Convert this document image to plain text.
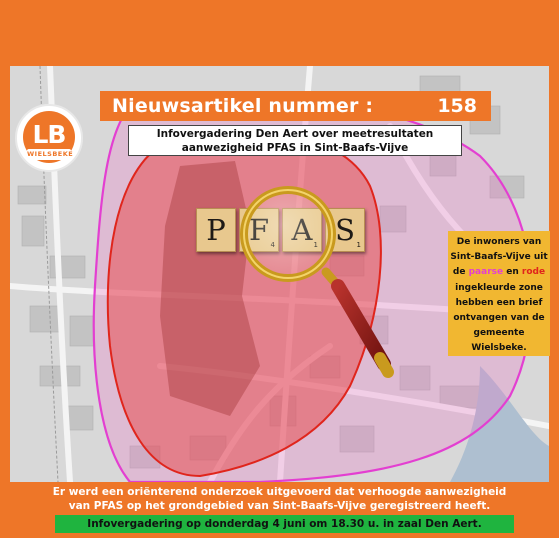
LB
WIELSBEKE
Nieuwsartikel nummer :	158
Infovergadering Den Aert over meetresultaten
aanwezigheid PFAS in Sint-Baafs-Vijve
P	S 1	De inwoners van Sint-Baafs-Vijve uit de paarse en rode ingekleurde zone hebben een brief ontvangen van de gemeente Wielsbeke.
Er werd een oriënterend onderzoek uitgevoerd dat verhoogde aanwezigheid
van PFAS op het grondgebied van Sint-Baafs-Vijve geregistreerd heeft.
Infovergadering op donderdag 4 juni om 18.30 u. in zaal Den Aert.
